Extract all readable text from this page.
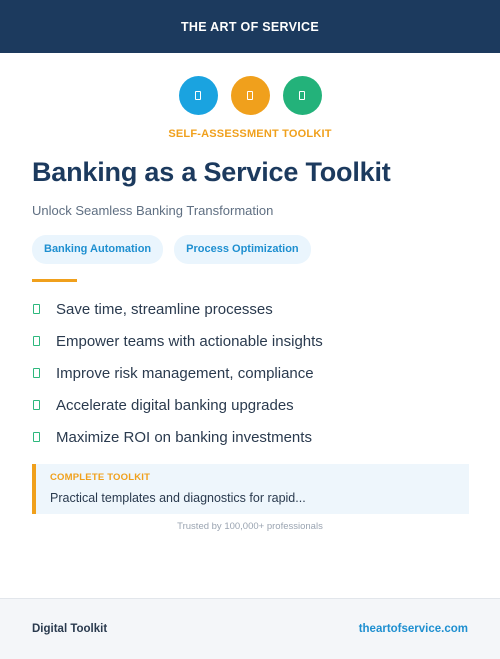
THE ART OF SERVICE
SELF-ASSESSMENT TOOLKIT
Banking as a Service Toolkit
Unlock Seamless Banking Transformation
Banking Automation	Process Optimization
Save time, streamline processes
Empower teams with actionable insights
Improve risk management, compliance
Accelerate digital banking upgrades
Maximize ROI on banking investments
COMPLETE TOOLKIT
Practical templates and diagnostics for rapid...
Trusted by 100,000+ professionals
Digital Toolkit	theartofservice.com
